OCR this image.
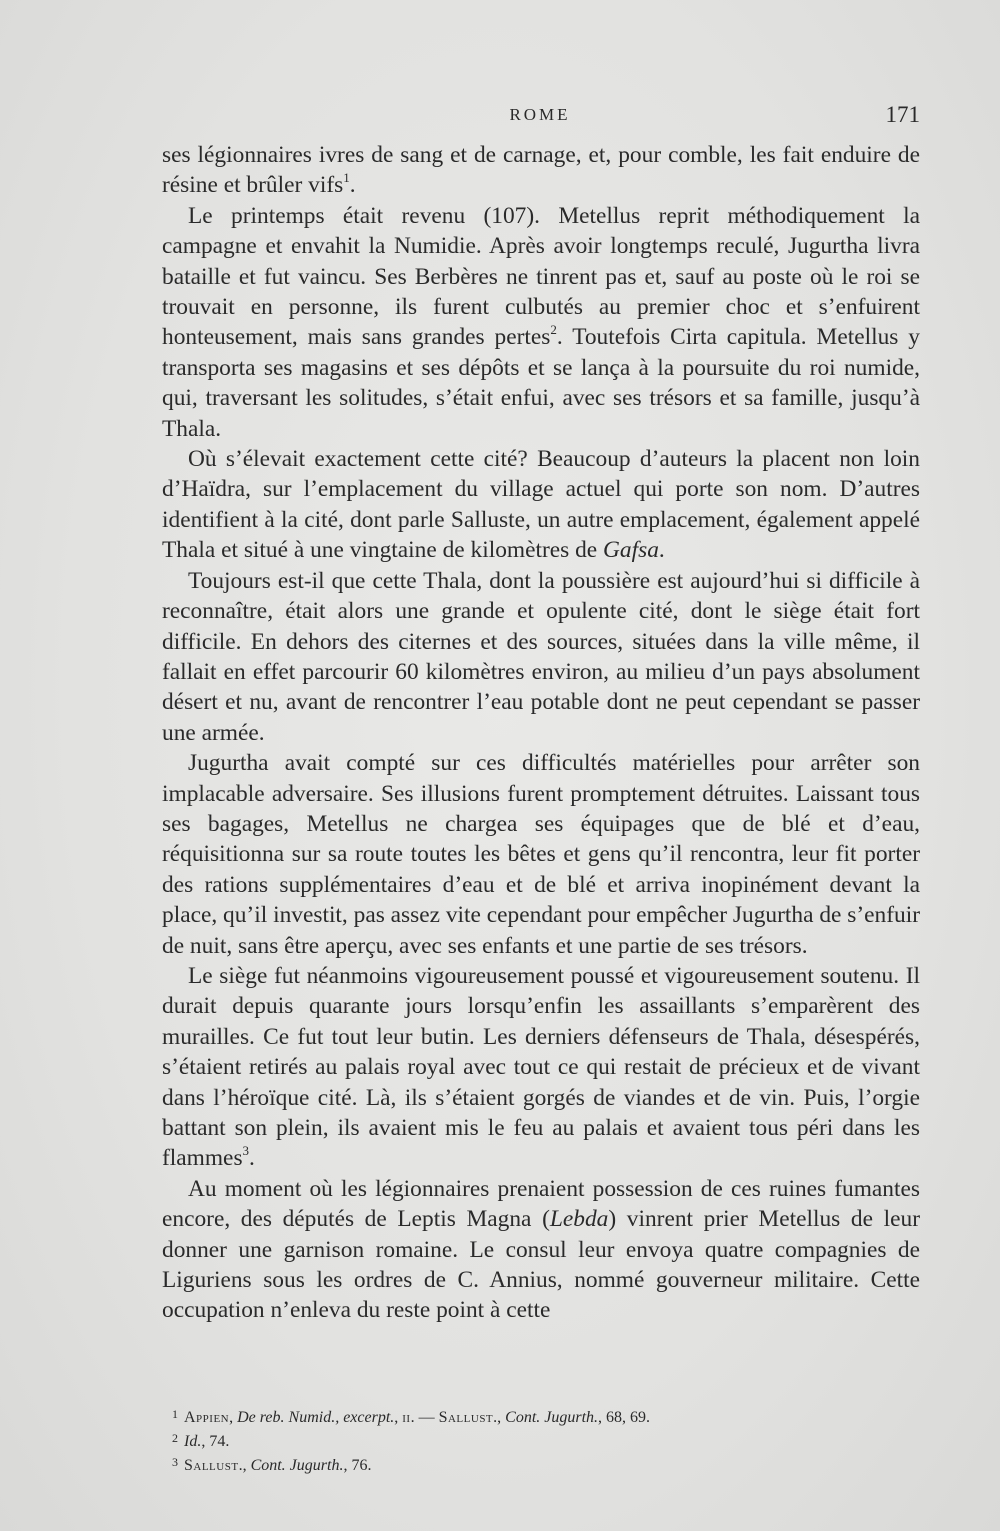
ROME	171

ses légionnaires ivres de sang et de carnage, et, pour comble, les fait enduire de résine et brûler vifs$^1$.

Le printemps était revenu (107). Metellus reprit méthodiquement la campagne et envahit la Numidie. Après avoir longtemps reculé, Jugurtha livra bataille et fut vaincu. Ses Berbères ne tinrent pas et, sauf au poste où le roi se trouvait en personne, ils furent culbutés au premier choc et s’enfuirent honteusement, mais sans grandes pertes$^2$. Toutefois Cirta capitula. Metellus y transporta ses magasins et ses dépôts et se lança à la poursuite du roi numide, qui, traversant les solitudes, s’était enfui, avec ses trésors et sa famille, jusqu’à Thala.

Où s’élevait exactement cette cité? Beaucoup d’auteurs la placent non loin d’Haïdra, sur l’emplacement du village actuel qui porte son nom. D’autres identifient à la cité, dont parle Salluste, un autre emplacement, également appelé Thala et situé à une vingtaine de kilomètres de Gafsa.

Toujours est-il que cette Thala, dont la poussière est aujourd’hui si difficile à reconnaître, était alors une grande et opulente cité, dont le siège était fort difficile. En dehors des citernes et des sources, situées dans la ville même, il fallait en effet parcourir 60 kilomètres environ, au milieu d’un pays absolument désert et nu, avant de rencontrer l’eau potable dont ne peut cependant se passer une armée.

Jugurtha avait compté sur ces difficultés matérielles pour arrêter son implacable adversaire. Ses illusions furent promptement détruites. Laissant tous ses bagages, Metellus ne chargea ses équipages que de blé et d’eau, réquisitionna sur sa route toutes les bêtes et gens qu’il rencontra, leur fit porter des rations supplémentaires d’eau et de blé et arriva inopinément devant la place, qu’il investit, pas assez vite cependant pour empêcher Jugurtha de s’enfuir de nuit, sans être aperçu, avec ses enfants et une partie de ses trésors.

Le siège fut néanmoins vigoureusement poussé et vigoureusement soutenu. Il durait depuis quarante jours lorsqu’enfin les assaillants s’emparèrent des murailles. Ce fut tout leur butin. Les derniers défenseurs de Thala, désespérés, s’étaient retirés au palais royal avec tout ce qui restait de précieux et de vivant dans l’héroïque cité. Là, ils s’étaient gorgés de viandes et de vin. Puis, l’orgie battant son plein, ils avaient mis le feu au palais et avaient tous péri dans les flammes$^3$.

Au moment où les légionnaires prenaient possession de ces ruines fumantes encore, des députés de Leptis Magna (Lebda) vinrent prier Metellus de leur donner une garnison romaine. Le consul leur envoya quatre compagnies de Liguriens sous les ordres de C. Annius, nommé gouverneur militaire. Cette occupation n’enleva du reste point à cette

$^1$ Appien, De reb. Numid., excerpt., ii. — Sallust., Cont. Jugurth., 68, 69.

$^2$ Id., 74.

$^3$ Sallust., Cont. Jugurth., 76.
